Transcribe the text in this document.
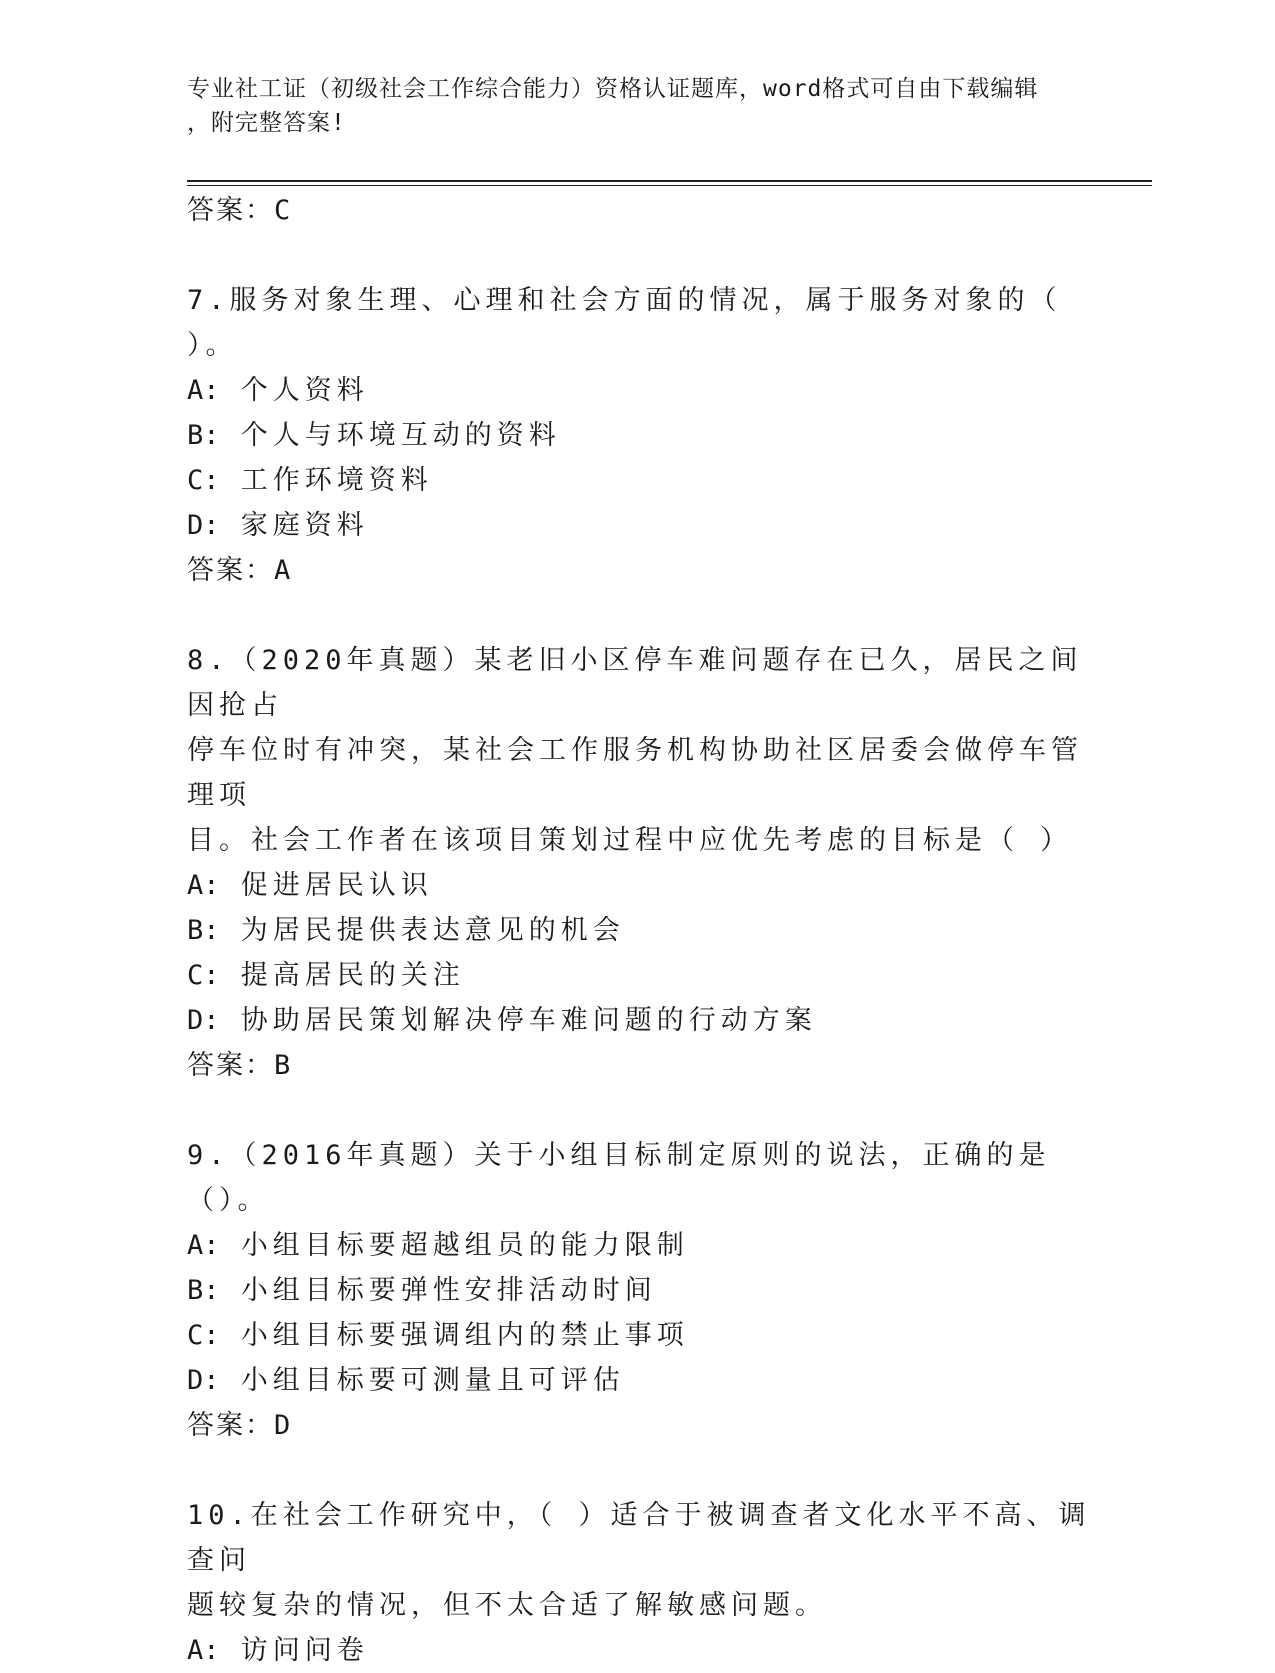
专业社工证（初级社会工作综合能力）资格认证题库，word格式可自由下载编辑
，附完整答案!
答案：C
7.服务对象生理、心理和社会方面的情况，属于服务对象的（ ）。
A: 个人资料
B: 个人与环境互动的资料
C: 工作环境资料
D: 家庭资料
答案：A
8.（2020年真题）某老旧小区停车难问题存在已久，居民之间因抢占
停车位时有冲突，某社会工作服务机构协助社区居委会做停车管理项
目。社会工作者在该项目策划过程中应优先考虑的目标是（ ）
A: 促进居民认识
B: 为居民提供表达意见的机会
C: 提高居民的关注
D: 协助居民策划解决停车难问题的行动方案
答案：B
9.（2016年真题）关于小组目标制定原则的说法，正确的是（）。
A: 小组目标要超越组员的能力限制
B: 小组目标要弹性安排活动时间
C: 小组目标要强调组内的禁止事项
D: 小组目标要可测量且可评估
答案：D
10.在社会工作研究中，（ ）适合于被调查者文化水平不高、调查问
题较复杂的情况，但不太合适了解敏感问题。
A: 访问问卷
